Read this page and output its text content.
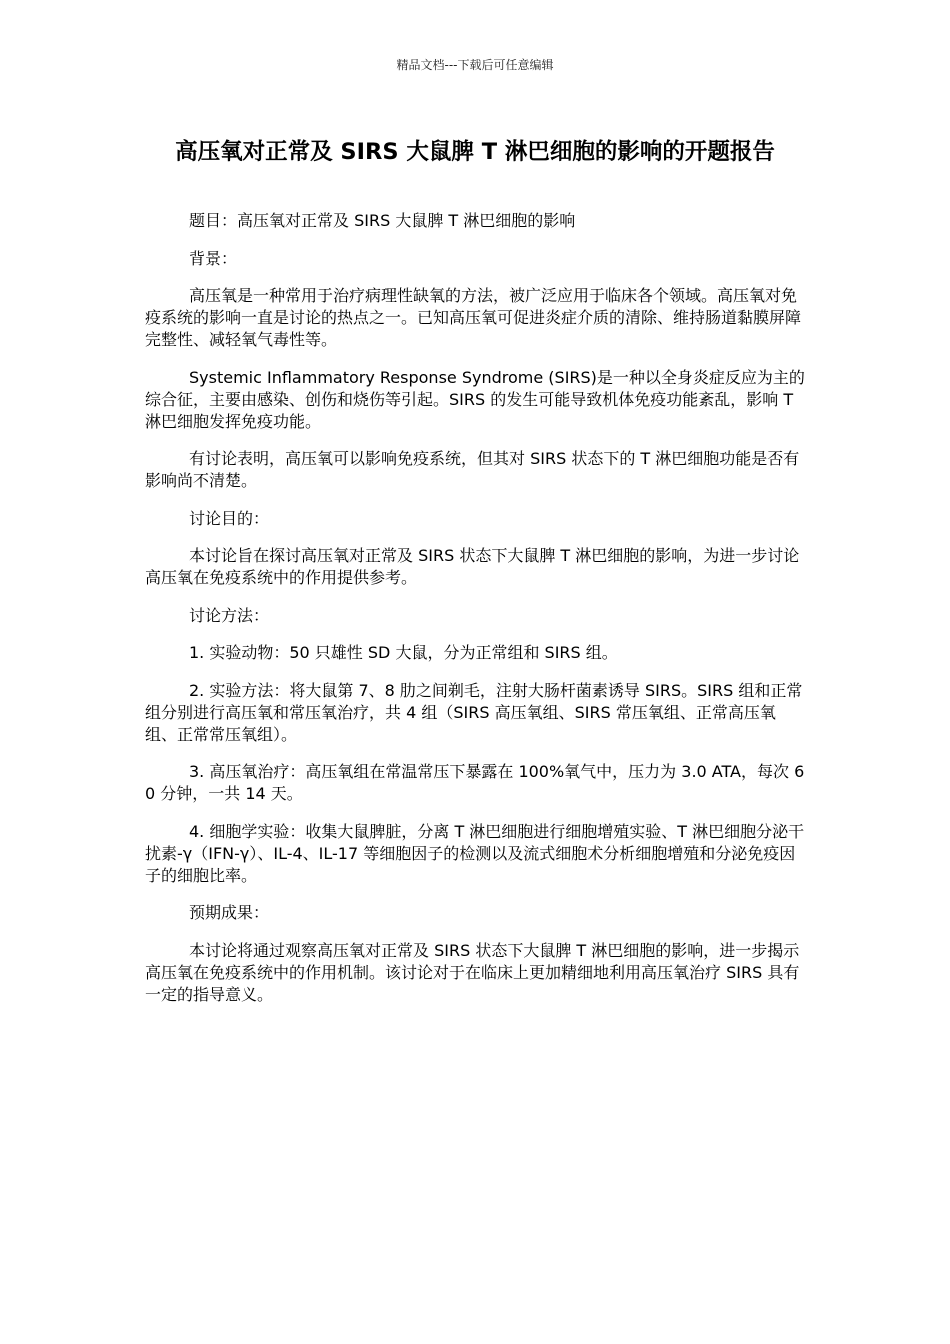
精品文档---下载后可任意编辑
高压氧对正常及 SIRS 大鼠脾 T 淋巴细胞的影响的开题报告

题目：高压氧对正常及 SIRS 大鼠脾 T 淋巴细胞的影响

背景：

高压氧是一种常用于治疗病理性缺氧的方法，被广泛应用于临床各个领域。高压氧对免疫系统的影响一直是讨论的热点之一。已知高压氧可促进炎症介质的清除、维持肠道黏膜屏障完整性、减轻氧气毒性等。

Systemic Inflammatory Response Syndrome (SIRS)是一种以全身炎症反应为主的综合征，主要由感染、创伤和烧伤等引起。SIRS 的发生可能导致机体免疫功能紊乱，影响 T 淋巴细胞发挥免疫功能。

有讨论表明，高压氧可以影响免疫系统，但其对 SIRS 状态下的 T 淋巴细胞功能是否有影响尚不清楚。

讨论目的：

本讨论旨在探讨高压氧对正常及 SIRS 状态下大鼠脾 T 淋巴细胞的影响，为进一步讨论高压氧在免疫系统中的作用提供参考。

讨论方法：

1. 实验动物：50 只雄性 SD 大鼠，分为正常组和 SIRS 组。

2. 实验方法：将大鼠第 7、8 肋之间剃毛，注射大肠杆菌素诱导 SIRS。SIRS 组和正常组分别进行高压氧和常压氧治疗，共 4 组（SIRS 高压氧组、SIRS 常压氧组、正常高压氧组、正常常压氧组）。

3. 高压氧治疗：高压氧组在常温常压下暴露在 100%氧气中，压力为 3.0 ATA，每次 60 分钟，一共 14 天。

4. 细胞学实验：收集大鼠脾脏，分离 T 淋巴细胞进行细胞增殖实验、T 淋巴细胞分泌干扰素-γ（IFN-γ）、IL-4、IL-17 等细胞因子的检测以及流式细胞术分析细胞增殖和分泌免疫因子的细胞比率。

预期成果：

本讨论将通过观察高压氧对正常及 SIRS 状态下大鼠脾 T 淋巴细胞的影响，进一步揭示高压氧在免疫系统中的作用机制。该讨论对于在临床上更加精细地利用高压氧治疗 SIRS 具有一定的指导意义。
